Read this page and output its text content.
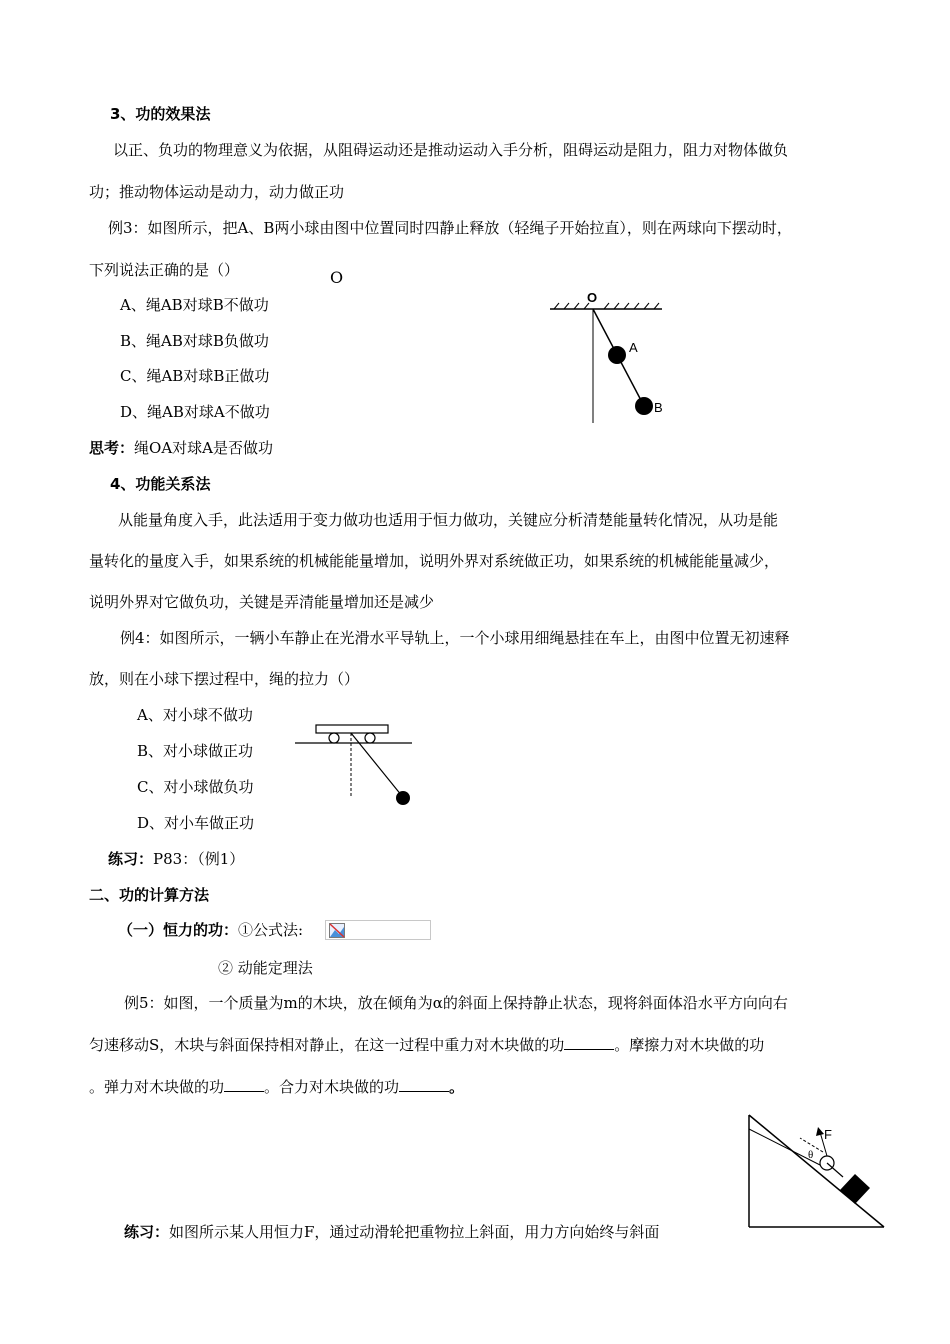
3、功的效果法
以正、负功的物理意义为依据，从阻碍运动还是推动运动入手分析，阻碍运动是阻力，阻力对物体做负
功；推动物体运动是动力，动力做正功
例3：如图所示，把A、B两小球由图中位置同时四静止释放（轻绳子开始拉直），则在两球向下摆动时，
下列说法正确的是（）	O
A、绳AB对球B不做功
B、绳AB对球B负做功
C、绳AB对球B正做功
D、绳AB对球A不做功
思考：绳OA对球A是否做功
O
A
B
4、功能关系法
从能量角度入手，此法适用于变力做功也适用于恒力做功，关键应分析清楚能量转化情况，从功是能
量转化的量度入手，如果系统的机械能能量增加，说明外界对系统做正功，如果系统的机械能能量减少，
说明外界对它做负功，关键是弄清能量增加还是减少
例4：如图所示，一辆小车静止在光滑水平导轨上，一个小球用细绳悬挂在车上，由图中位置无初速释
放，则在小球下摆过程中，绳的拉力（）
A、对小球不做功
B、对小球做正功
C、对小球做负功
D、对小车做正功
练习：P83：（例1）
二、功的计算方法
（一）恒力的功：①公式法:
② 动能定理法
例5：如图，一个质量为m的木块，放在倾角为α的斜面上保持静止状态，现将斜面体沿水平方向向右
匀速移动S，木块与斜面保持相对静止，在这一过程中重力对木块做的功	。摩擦力对木块做的功
。弹力对木块做的功	。合力对木块做的功	。
F
θ
练习：如图所示某人用恒力F，通过动滑轮把重物拉上斜面，用力方向始终与斜面
